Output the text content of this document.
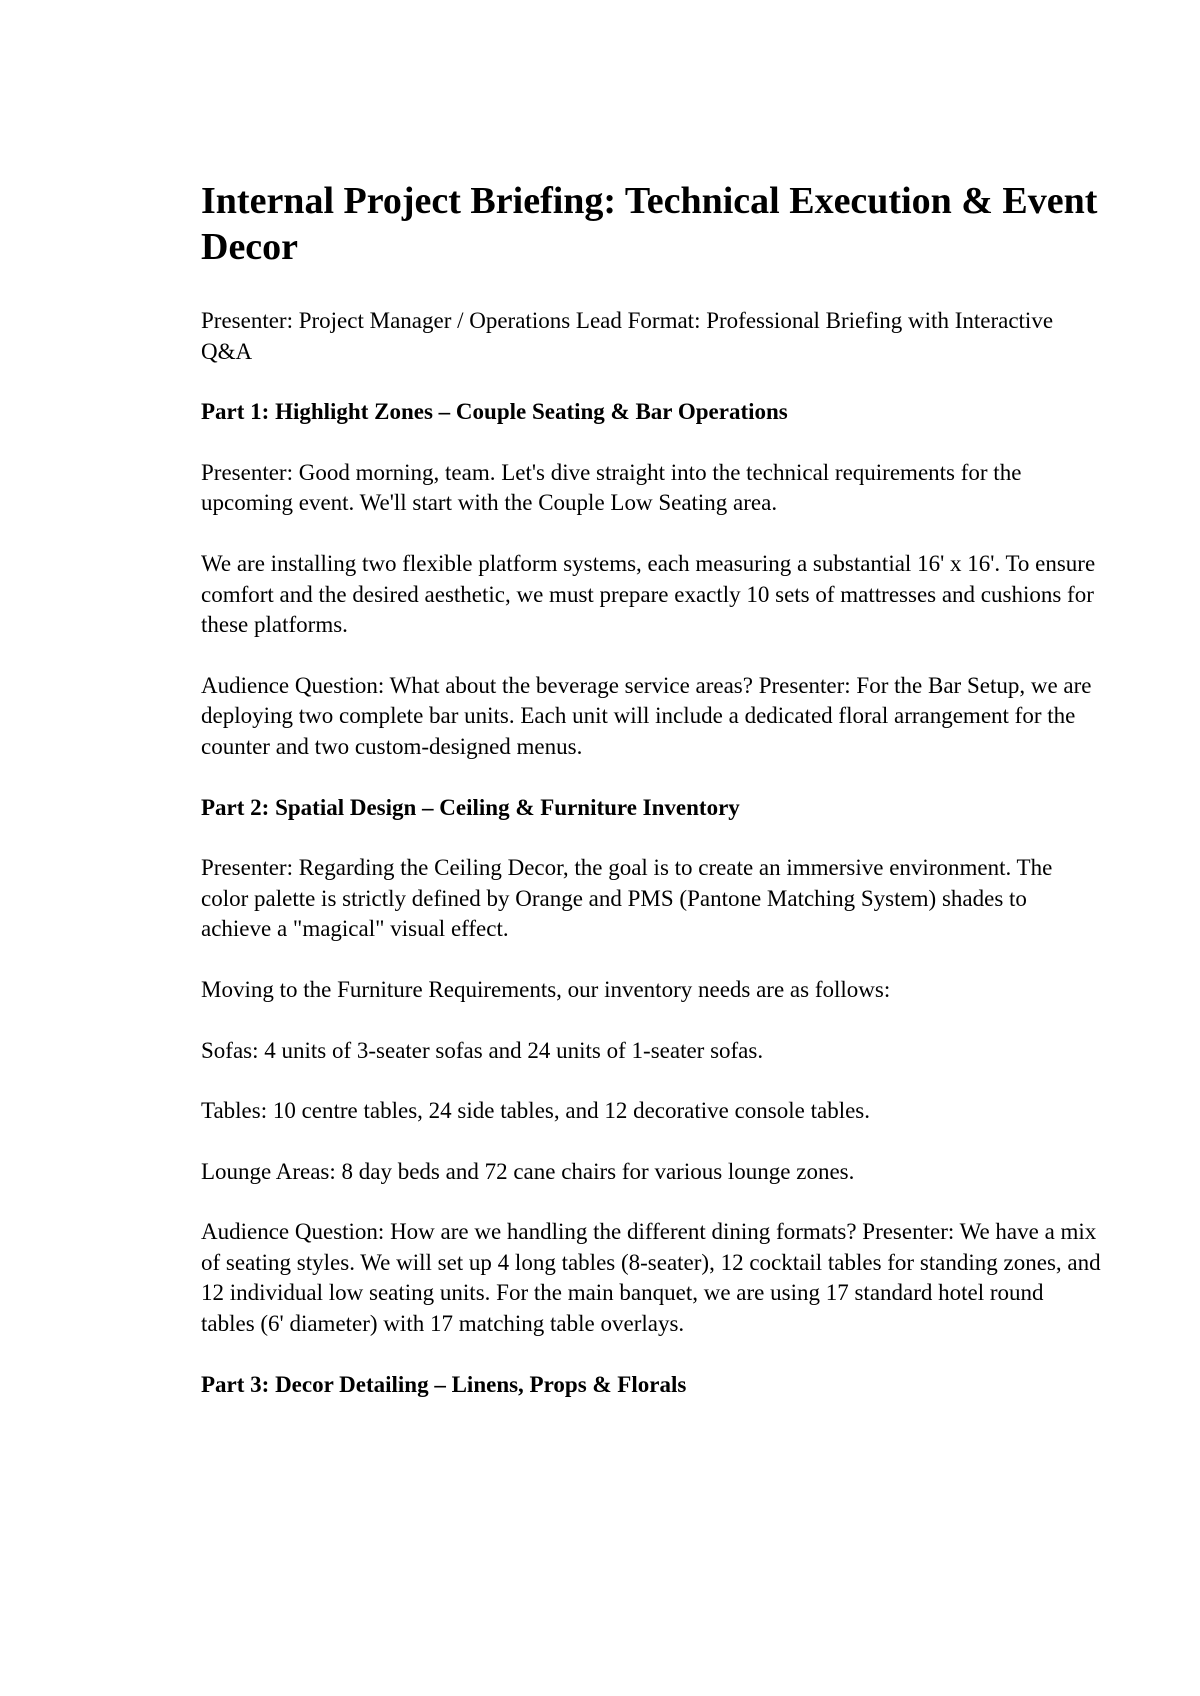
Internal Project Briefing: Technical Execution & Event Decor
Presenter: Project Manager / Operations Lead Format: Professional Briefing with Interactive Q&A
Part 1: Highlight Zones – Couple Seating & Bar Operations
Presenter: Good morning, team. Let's dive straight into the technical requirements for the upcoming event. We'll start with the Couple Low Seating area.
We are installing two flexible platform systems, each measuring a substantial 16' x 16'. To ensure comfort and the desired aesthetic, we must prepare exactly 10 sets of mattresses and cushions for these platforms.
Audience Question: What about the beverage service areas? Presenter: For the Bar Setup, we are deploying two complete bar units. Each unit will include a dedicated floral arrangement for the counter and two custom-designed menus.
Part 2: Spatial Design – Ceiling & Furniture Inventory
Presenter: Regarding the Ceiling Decor, the goal is to create an immersive environment. The color palette is strictly defined by Orange and PMS (Pantone Matching System) shades to achieve a "magical" visual effect.
Moving to the Furniture Requirements, our inventory needs are as follows:
Sofas: 4 units of 3-seater sofas and 24 units of 1-seater sofas.
Tables: 10 centre tables, 24 side tables, and 12 decorative console tables.
Lounge Areas: 8 day beds and 72 cane chairs for various lounge zones.
Audience Question: How are we handling the different dining formats? Presenter: We have a mix of seating styles. We will set up 4 long tables (8-seater), 12 cocktail tables for standing zones, and 12 individual low seating units. For the main banquet, we are using 17 standard hotel round tables (6' diameter) with 17 matching table overlays.
Part 3: Decor Detailing – Linens, Props & Florals
